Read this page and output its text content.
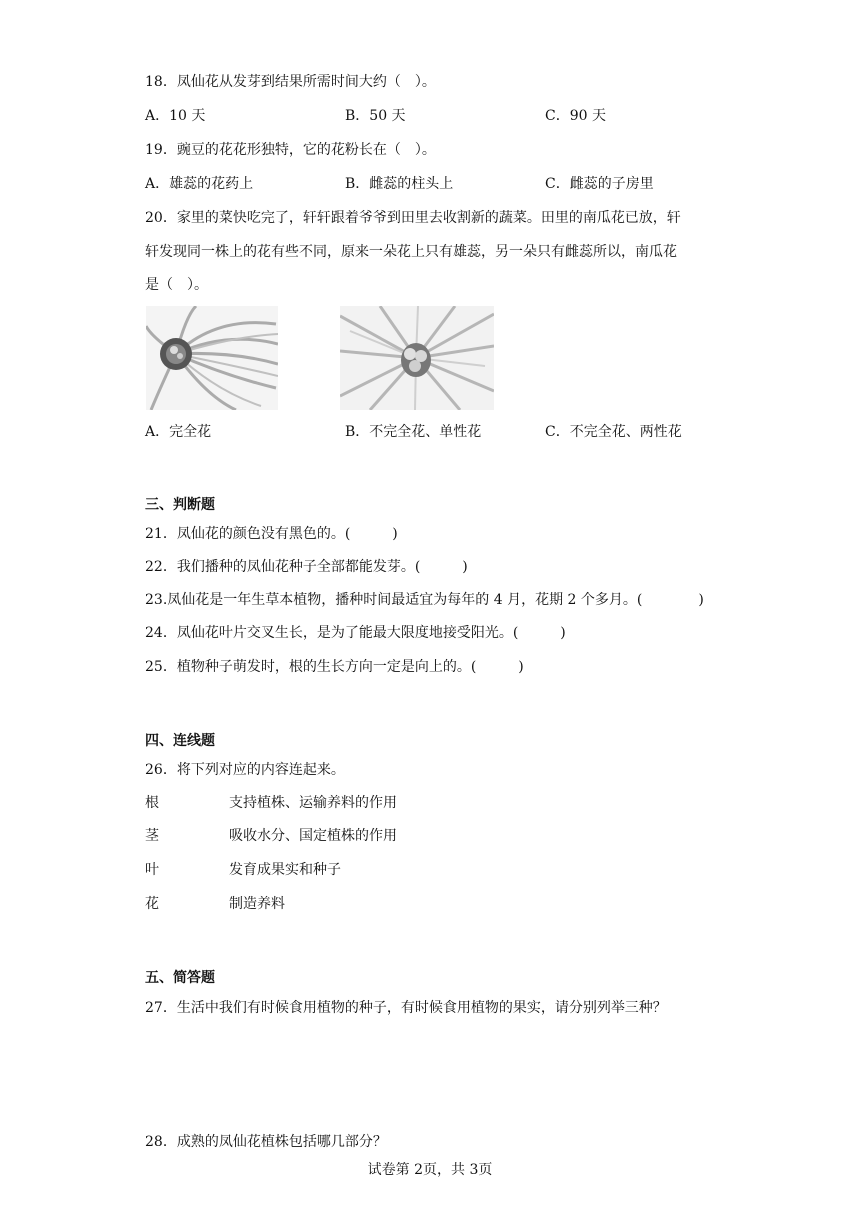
18．凤仙花从发芽到结果所需时间大约（　）。
A．10 天	B．50 天	C．90 天
19．豌豆的花花形独特，它的花粉长在（　）。
A．雄蕊的花药上	B．雌蕊的柱头上	C．雌蕊的子房里
20．家里的菜快吃完了，轩轩跟着爷爷到田里去收割新的蔬菜。田里的南瓜花已放，轩
轩发现同一株上的花有些不同，原来一朵花上只有雄蕊，另一朵只有雌蕊所以，南瓜花
是（　）。
A．完全花	B．不完全花、单性花	C．不完全花、两性花
三、判断题
21．凤仙花的颜色没有黑色的。(　　　)
22．我们播种的凤仙花种子全部都能发芽。(　　　)
23.凤仙花是一年生草本植物，播种时间最适宜为每年的 4 月，花期 2 个多月。(　　　　)
24．凤仙花叶片交叉生长，是为了能最大限度地接受阳光。(　　　)
25．植物种子萌发时，根的生长方向一定是向上的。(　　　)
四、连线题
26．将下列对应的内容连起来。
根	支持植株、运输养料的作用
茎	吸收水分、国定植株的作用
叶	发育成果实和种子
花	制造养料
五、简答题
27．生活中我们有时候食用植物的种子，有时候食用植物的果实，请分别列举三种？
28．成熟的凤仙花植株包括哪几部分？
试卷第 2页，共 3页
